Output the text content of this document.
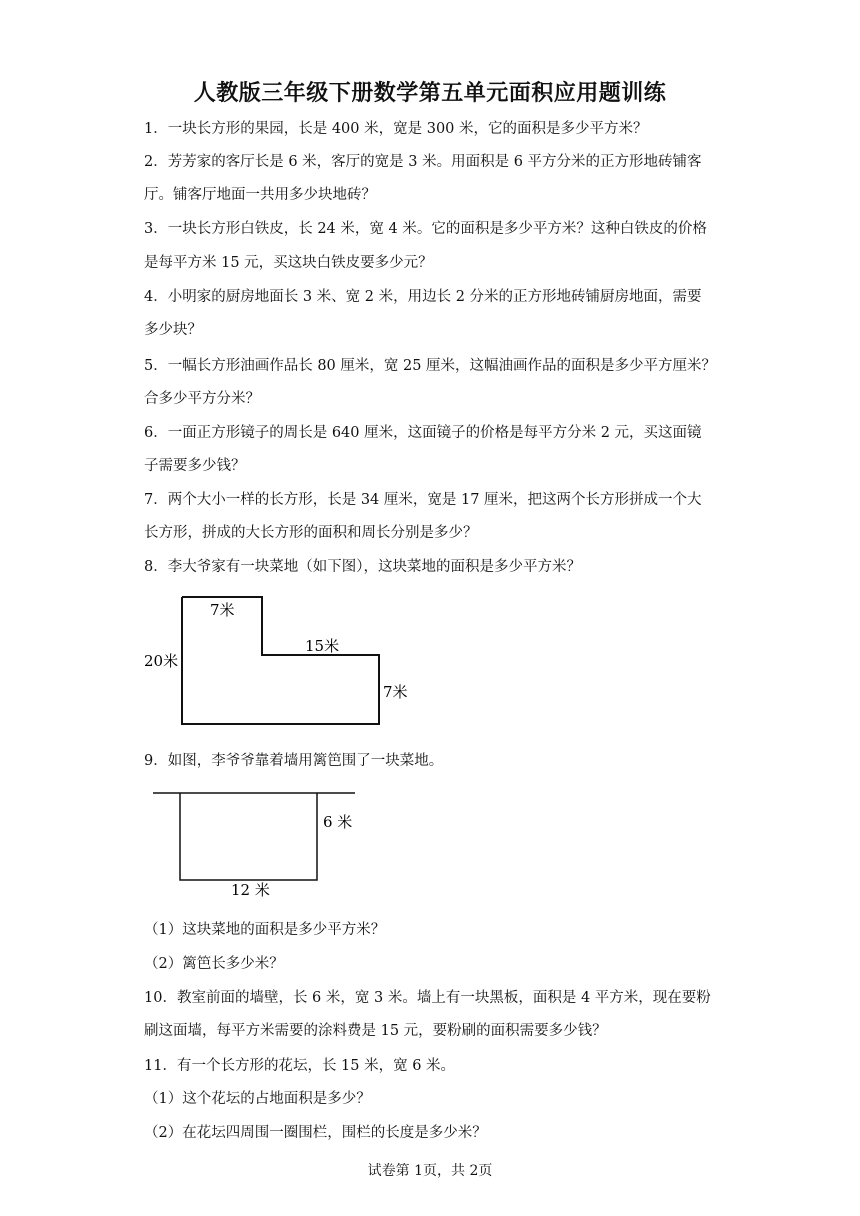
人教版三年级下册数学第五单元面积应用题训练
1．一块长方形的果园，长是 400 米，宽是 300 米，它的面积是多少平方米？
2．芳芳家的客厅长是 6 米，客厅的宽是 3 米。用面积是 6 平方分米的正方形地砖铺客
厅。铺客厅地面一共用多少块地砖？
3．一块长方形白铁皮，长 24 米，宽 4 米。它的面积是多少平方米？这种白铁皮的价格
是每平方米 15 元，买这块白铁皮要多少元？
4．小明家的厨房地面长 3 米、宽 2 米，用边长 2 分米的正方形地砖铺厨房地面，需要
多少块？
5．一幅长方形油画作品长 80 厘米，宽 25 厘米，这幅油画作品的面积是多少平方厘米？
合多少平方分米？
6．一面正方形镜子的周长是 640 厘米，这面镜子的价格是每平方分米 2 元，买这面镜
子需要多少钱？
7．两个大小一样的长方形，长是 34 厘米，宽是 17 厘米，把这两个长方形拼成一个大
长方形，拼成的大长方形的面积和周长分别是多少？
8．李大爷家有一块菜地（如下图），这块菜地的面积是多少平方米？
7米
15米
20米
7米
9．如图，李爷爷靠着墙用篱笆围了一块菜地。
6 米
12 米
（1）这块菜地的面积是多少平方米？
（2）篱笆长多少米？
10．教室前面的墙壁，长 6 米，宽 3 米。墙上有一块黑板，面积是 4 平方米，现在要粉
刷这面墙，每平方米需要的涂料费是 15 元，要粉刷的面积需要多少钱？
11．有一个长方形的花坛，长 15 米，宽 6 米。
（1）这个花坛的占地面积是多少？
（2）在花坛四周围一圈围栏，围栏的长度是多少米？
试卷第 1页，共 2页
